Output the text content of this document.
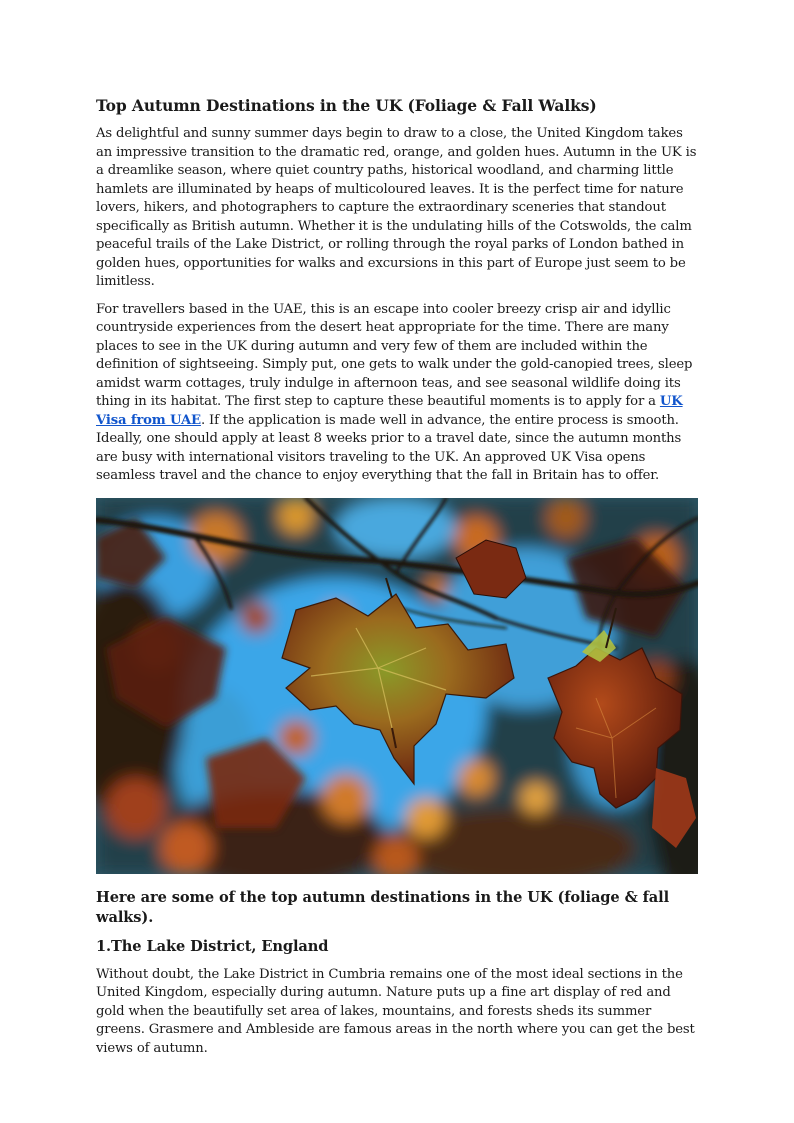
Top Autumn Destinations in the UK (Foliage & Fall Walks)

As delightful and sunny summer days begin to draw to a close, the United Kingdom takes an impressive transition to the dramatic red, orange, and golden hues. Autumn in the UK is a dreamlike season, where quiet country paths, historical woodland, and charming little hamlets are illuminated by heaps of multicoloured leaves. It is the perfect time for nature lovers, hikers, and photographers to capture the extraordinary sceneries that standout specifically as British autumn. Whether it is the undulating hills of the Cotswolds, the calm peaceful trails of the Lake District, or rolling through the royal parks of London bathed in golden hues, opportunities for walks and excursions in this part of Europe just seem to be limitless.

For travellers based in the UAE, this is an escape into cooler breezy crisp air and idyllic countryside experiences from the desert heat appropriate for the time. There are many places to see in the UK during autumn and very few of them are included within the definition of sightseeing. Simply put, one gets to walk under the gold-canopied trees, sleep amidst warm cottages, truly indulge in afternoon teas, and see seasonal wildlife doing its thing in its habitat. The first step to capture these beautiful moments is to apply for a UK Visa from UAE. If the application is made well in advance, the entire process is smooth. Ideally, one should apply at least 8 weeks prior to a travel date, since the autumn months are busy with international visitors traveling to the UK. An approved UK Visa opens seamless travel and the chance to enjoy everything that the fall in Britain has to offer.

Here are some of the top autumn destinations in the UK (foliage & fall walks).
1.The Lake District, England

Without doubt, the Lake District in Cumbria remains one of the most ideal sections in the United Kingdom, especially during autumn. Nature puts up a fine art display of red and gold when the beautifully set area of lakes, mountains, and forests sheds its summer greens. Grasmere and Ambleside are famous areas in the north where you can get the best views of autumn.
